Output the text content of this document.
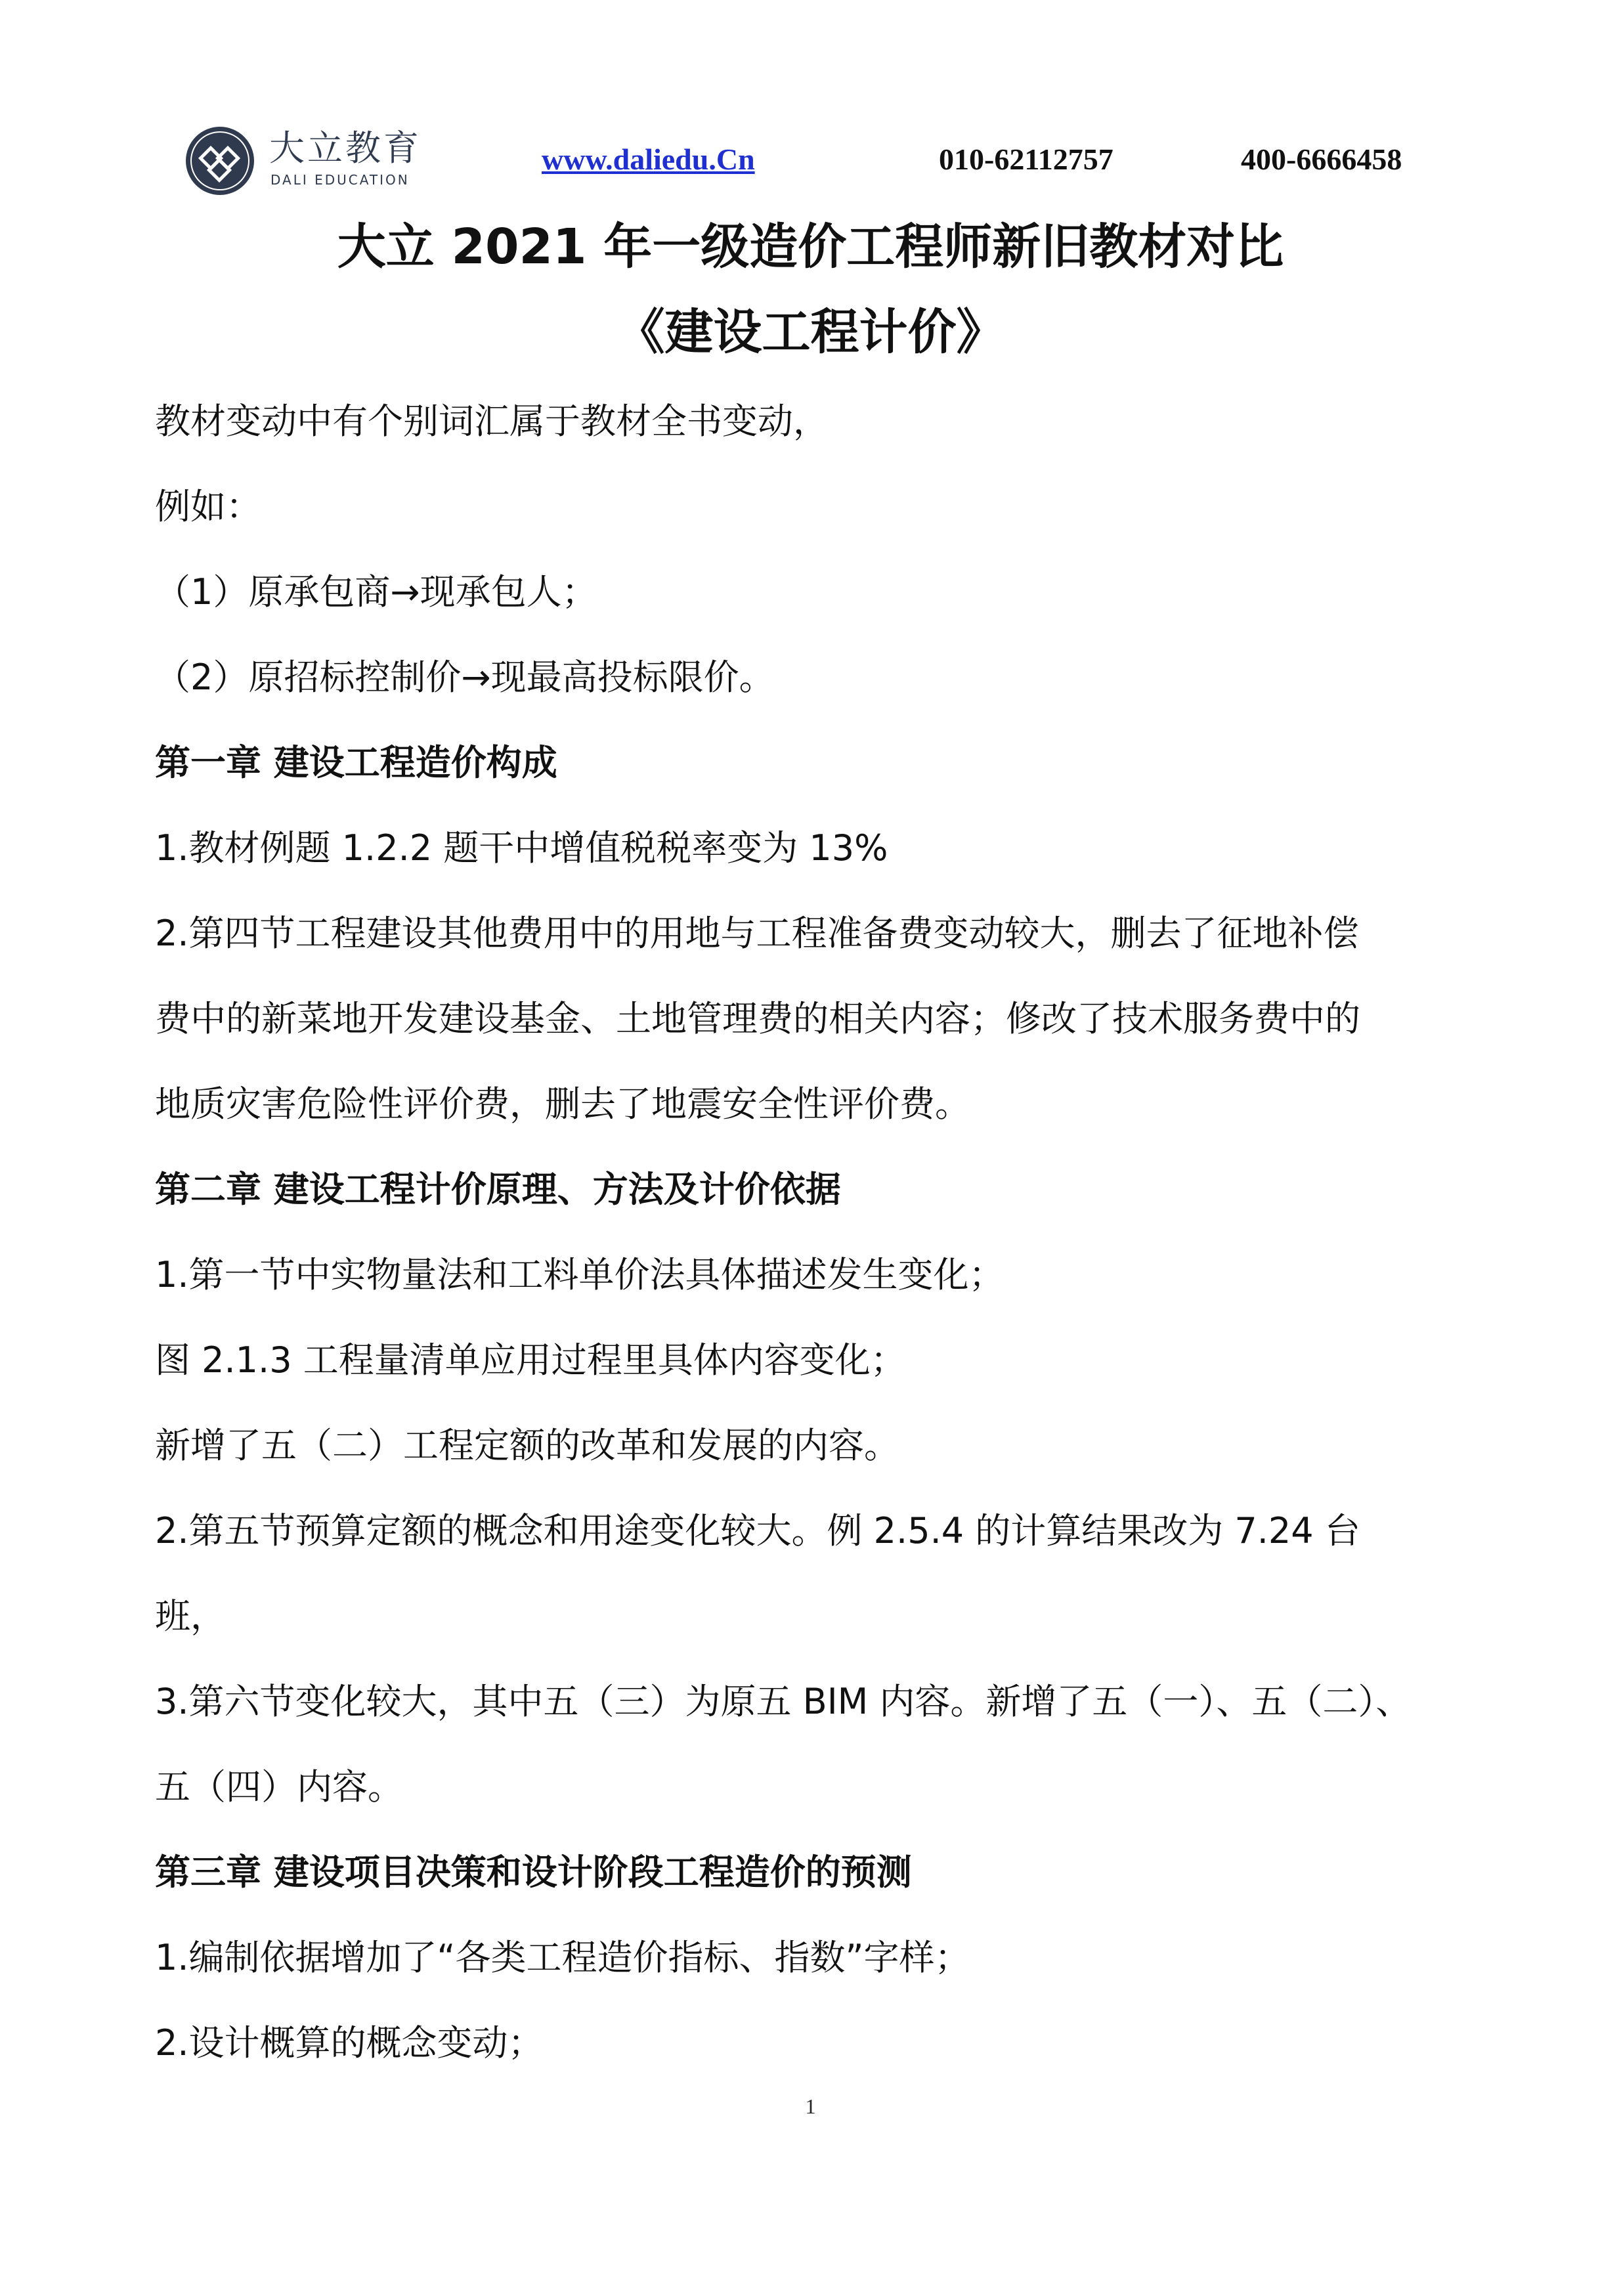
大立教育
DALI EDUCATION
www.daliedu.Cn	010-62112757	400-6666458
大立 2021 年一级造价工程师新旧教材对比
《建设工程计价》
教材变动中有个别词汇属于教材全书变动，
例如：
（1）原承包商→现承包人；
（2）原招标控制价→现最高投标限价。
第一章 建设工程造价构成
1.教材例题 1.2.2 题干中增值税税率变为 13%
2.第四节工程建设其他费用中的用地与工程准备费变动较大，删去了征地补偿
费中的新菜地开发建设基金、土地管理费的相关内容；修改了技术服务费中的
地质灾害危险性评价费，删去了地震安全性评价费。
第二章 建设工程计价原理、方法及计价依据
1.第一节中实物量法和工料单价法具体描述发生变化；
图 2.1.3 工程量清单应用过程里具体内容变化；
新增了五（二）工程定额的改革和发展的内容。
2.第五节预算定额的概念和用途变化较大。例 2.5.4 的计算结果改为 7.24 台
班，
3.第六节变化较大，其中五（三）为原五 BIM 内容。新增了五（一）、五（二）、
五（四）内容。
第三章 建设项目决策和设计阶段工程造价的预测
1.编制依据增加了“各类工程造价指标、指数”字样；
2.设计概算的概念变动；
1
